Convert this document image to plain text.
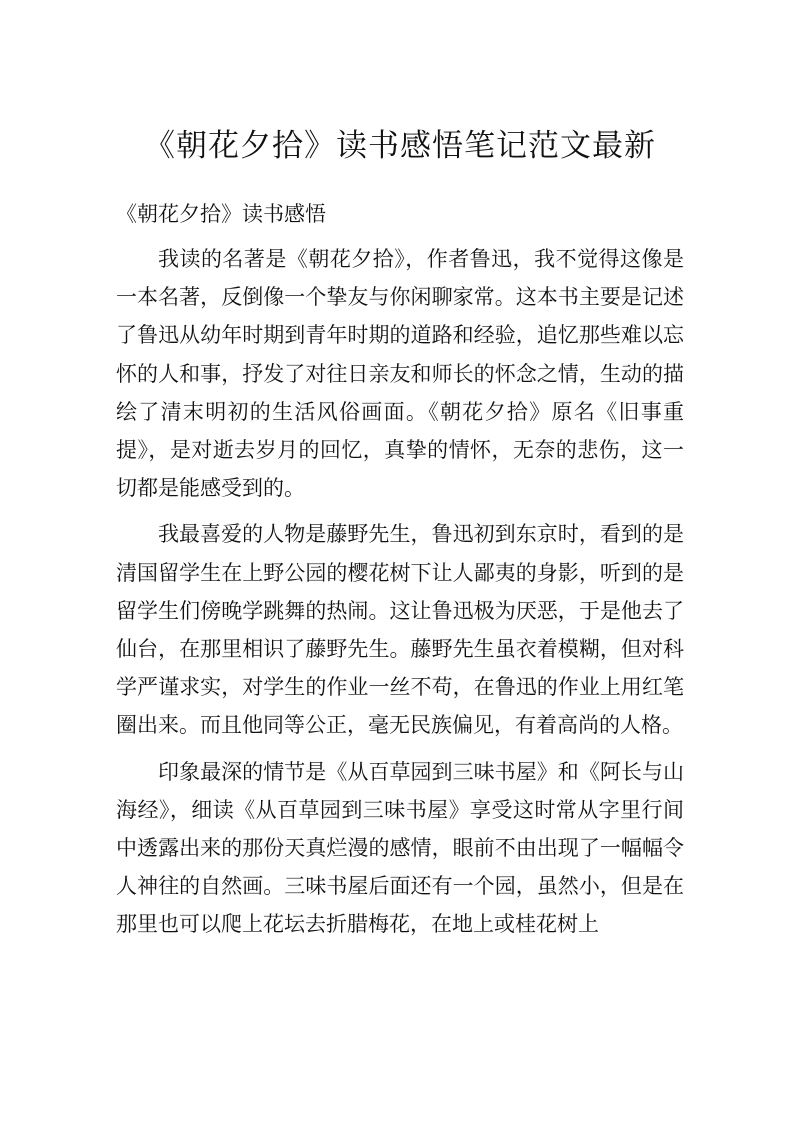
《朝花夕拾》读书感悟笔记范文最新
《朝花夕拾》读书感悟

我读的名著是《朝花夕拾》，作者鲁迅，我不觉得这像是一本名著，反倒像一个挚友与你闲聊家常。这本书主要是记述了鲁迅从幼年时期到青年时期的道路和经验，追忆那些难以忘怀的人和事，抒发了对往日亲友和师长的怀念之情，生动的描绘了清末明初的生活风俗画面。《朝花夕拾》原名《旧事重提》，是对逝去岁月的回忆，真挚的情怀，无奈的悲伤，这一切都是能感受到的。

我最喜爱的人物是藤野先生，鲁迅初到东京时，看到的是清国留学生在上野公园的樱花树下让人鄙夷的身影，听到的是留学生们傍晚学跳舞的热闹。这让鲁迅极为厌恶，于是他去了仙台，在那里相识了藤野先生。藤野先生虽衣着模糊，但对科学严谨求实，对学生的作业一丝不苟，在鲁迅的作业上用红笔圈出来。而且他同等公正，毫无民族偏见，有着高尚的人格。

印象最深的情节是《从百草园到三味书屋》和《阿长与山海经》，细读《从百草园到三味书屋》享受这时常从字里行间中透露出来的那份天真烂漫的感情，眼前不由出现了一幅幅令人神往的自然画。三味书屋后面还有一个园，虽然小，但是在那里也可以爬上花坛去折腊梅花，在地上或桂花树上
